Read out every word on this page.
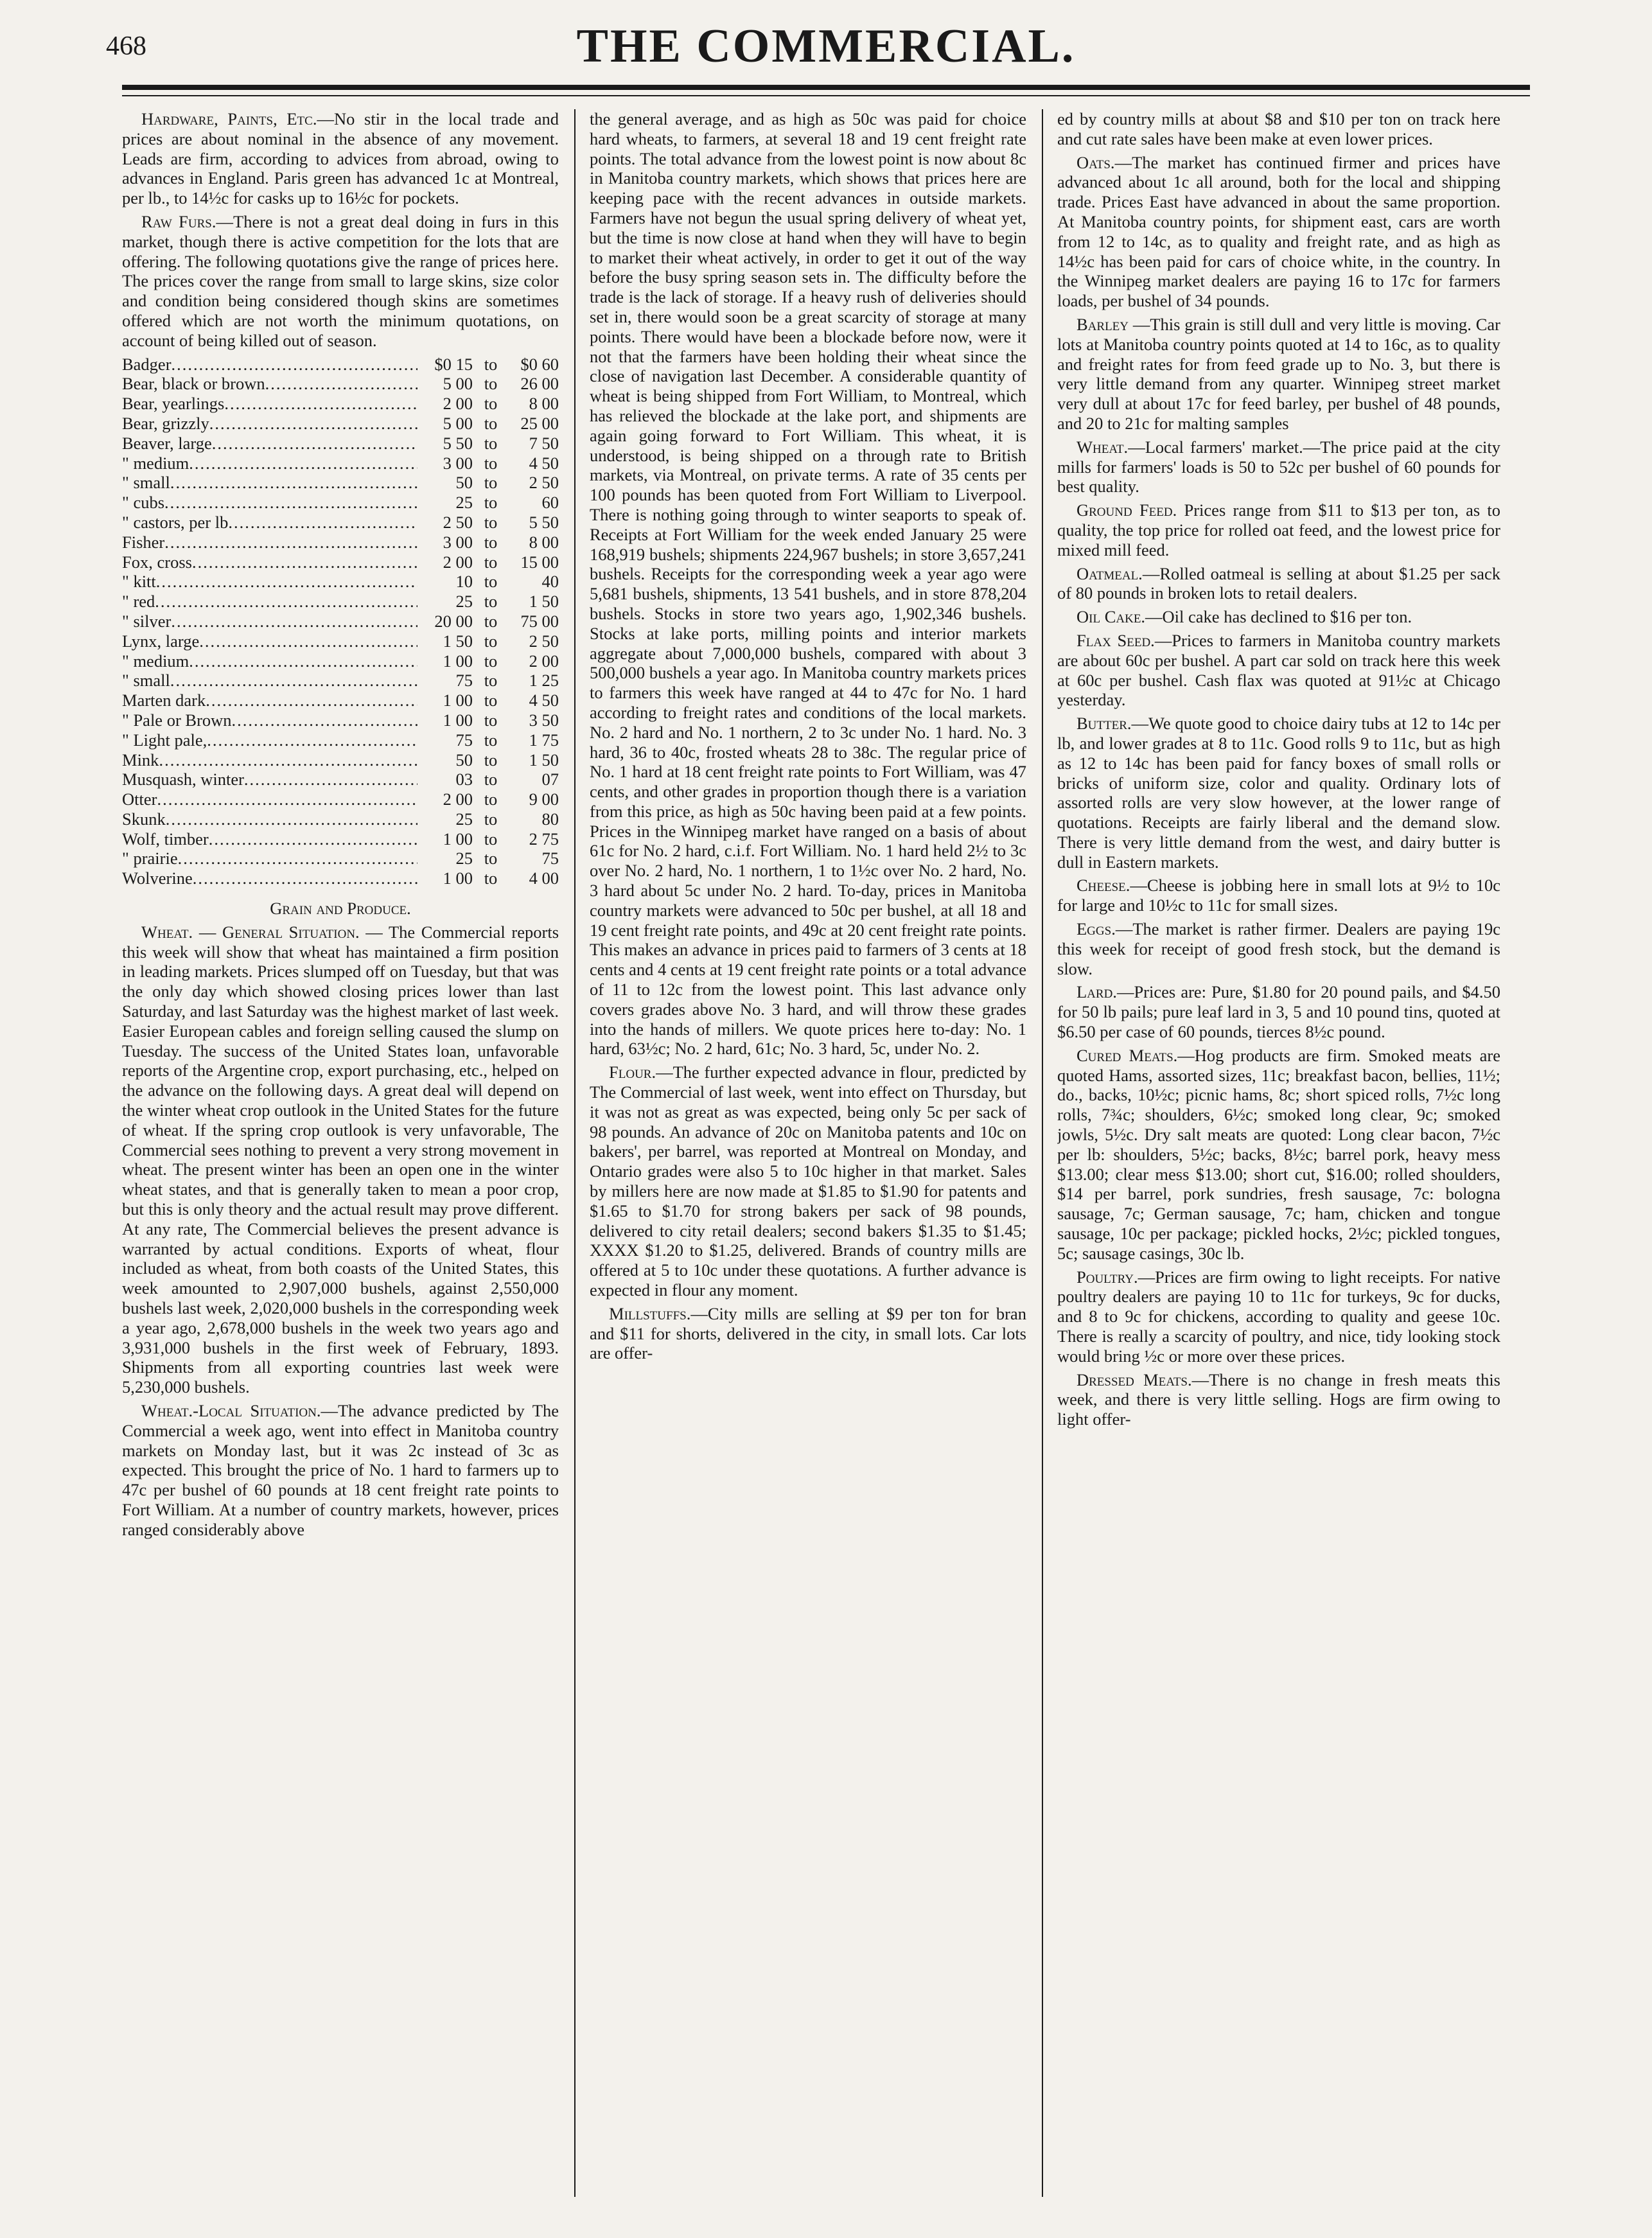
468	THE COMMERCIAL.

Hardware, Paints, Etc.—No stir in the local trade and prices are about nominal in the absence of any movement. Leads are firm, according to advices from abroad, owing to advances in England. Paris green has advanced 1c at Montreal, per lb., to 14½c for casks up to 16½c for pockets.

Raw Furs.—There is not a great deal doing in furs in this market, though there is active competition for the lots that are offering. The following quotations give the range of prices here. The prices cover the range from small to large skins, size color and condition being considered though skins are sometimes offered which are not worth the minimum quotations, on account of being killed out of season.

Badger .....	$0 15 to	$0 60
Bear, black or brown .....	5 00 to	26 00
Bear, yearlings .....	2 00 to	8 00
Bear, grizzly .....	5 00 to	25 00
Beaver, large .....	5 50 to	7 50
" medium .....	3 00 to	4 50
" small .....	50 to	2 50
" cubs .....	25 to	60
" castors, per lb .....	2 50 to	5 50
Fisher .....	3 00 to	8 00
Fox, cross .....	2 00 to	15 00
" kitt .....	10 to	40
" red .....	25 to	1 50
" silver .....	20 00 to	75 00
Lynx, large .....	1 50 to	2 50
" medium .....	1 00 to	2 00
" small .....	75 to	1 25
Marten dark .....	1 00 to	4 50
" Pale or Brown .....	1 00 to	3 50
" Light pale, .....	75 to	1 75
Mink .....	50 to	1 50
Musquash, winter .....	03 to	07
Otter .....	2 00 to	9 00
Skunk .....	25 to	80
Wolf, timber .....	1 00 to	2 75
" prairie .....	25 to	75
Wolverine .....	1 00 to	4 00

Grain and Produce.

Wheat. — General Situation. — The Commercial reports this week will show that wheat has maintained a firm position in leading markets. Prices slumped off on Tuesday, but that was the only day which showed closing prices lower than last Saturday, and last Saturday was the highest market of last week. Easier European cables and foreign selling caused the slump on Tuesday. The success of the United States loan, unfavorable reports of the Argentine crop, export purchasing, etc., helped on the advance on the following days. A great deal will depend on the winter wheat crop outlook in the United States for the future of wheat. If the spring crop outlook is very unfavorable, The Commercial sees nothing to prevent a very strong movement in wheat. The present winter has been an open one in the winter wheat states, and that is generally taken to mean a poor crop, but this is only theory and the actual result may prove different. At any rate, The Commercial believes the present advance is warranted by actual conditions. Exports of wheat, flour included as wheat, from both coasts of the United States, this week amounted to 2,907,000 bushels, against 2,550,000 bushels last week, 2,020,000 bushels in the corresponding week a year ago, 2,678,000 bushels in the week two years ago and 3,931,000 bushels in the first week of February, 1893. Shipments from all exporting countries last week were 5,230,000 bushels.

Wheat.-Local Situation.—The advance predicted by The Commercial a week ago, went into effect in Manitoba country markets on Monday last, but it was 2c instead of 3c as expected. This brought the price of No. 1 hard to farmers up to 47c per bushel of 60 pounds at 18 cent freight rate points to Fort William. At a number of country markets, however, prices ranged considerably above

the general average, and as high as 50c was paid for choice hard wheats, to farmers, at several 18 and 19 cent freight rate points. The total advance from the lowest point is now about 8c in Manitoba country markets, which shows that prices here are keeping pace with the recent advances in outside markets. Farmers have not begun the usual spring delivery of wheat yet, but the time is now close at hand when they will have to begin to market their wheat actively, in order to get it out of the way before the busy spring season sets in. The difficulty before the trade is the lack of storage. If a heavy rush of deliveries should set in, there would soon be a great scarcity of storage at many points. There would have been a blockade before now, were it not that the farmers have been holding their wheat since the close of navigation last December. A considerable quantity of wheat is being shipped from Fort William, to Montreal, which has relieved the blockade at the lake port, and shipments are again going forward to Fort William. This wheat, it is understood, is being shipped on a through rate to British markets, via Montreal, on private terms. A rate of 35 cents per 100 pounds has been quoted from Fort William to Liverpool. There is nothing going through to winter seaports to speak of. Receipts at Fort William for the week ended January 25 were 168,919 bushels; shipments 224,967 bushels; in store 3,657,241 bushels. Receipts for the corresponding week a year ago were 5,681 bushels, shipments, 13 541 bushels, and in store 878,204 bushels. Stocks in store two years ago, 1,902,346 bushels. Stocks at lake ports, milling points and interior markets aggregate about 7,000,000 bushels, compared with about 3 500,000 bushels a year ago. In Manitoba country markets prices to farmers this week have ranged at 44 to 47c for No. 1 hard according to freight rates and conditions of the local markets. No. 2 hard and No. 1 northern, 2 to 3c under No. 1 hard. No. 3 hard, 36 to 40c, frosted wheats 28 to 38c. The regular price of No. 1 hard at 18 cent freight rate points to Fort William, was 47 cents, and other grades in proportion though there is a variation from this price, as high as 50c having been paid at a few points. Prices in the Winnipeg market have ranged on a basis of about 61c for No. 2 hard, c.i.f. Fort William. No. 1 hard held 2½ to 3c over No. 2 hard, No. 1 northern, 1 to 1½c over No. 2 hard, No. 3 hard about 5c under No. 2 hard. To-day, prices in Manitoba country markets were advanced to 50c per bushel, at all 18 and 19 cent freight rate points, and 49c at 20 cent freight rate points. This makes an advance in prices paid to farmers of 3 cents at 18 cents and 4 cents at 19 cent freight rate points or a total advance of 11 to 12c from the lowest point. This last advance only covers grades above No. 3 hard, and will throw these grades into the hands of millers. We quote prices here to-day: No. 1 hard, 63½c; No. 2 hard, 61c; No. 3 hard, 5c, under No. 2.

Flour.—The further expected advance in flour, predicted by The Commercial of last week, went into effect on Thursday, but it was not as great as was expected, being only 5c per sack of 98 pounds. An advance of 20c on Manitoba patents and 10c on bakers', per barrel, was reported at Montreal on Monday, and Ontario grades were also 5 to 10c higher in that market. Sales by millers here are now made at $1.85 to $1.90 for patents and $1.65 to $1.70 for strong bakers per sack of 98 pounds, delivered to city retail dealers; second bakers $1.35 to $1.45; XXXX $1.20 to $1.25, delivered. Brands of country mills are offered at 5 to 10c under these quotations. A further advance is expected in flour any moment.

Millstuffs.—City mills are selling at $9 per ton for bran and $11 for shorts, delivered in the city, in small lots. Car lots are offer-

ed by country mills at about $8 and $10 per ton on track here and cut rate sales have been make at even lower prices.

Oats.—The market has continued firmer and prices have advanced about 1c all around, both for the local and shipping trade. Prices East have advanced in about the same proportion. At Manitoba country points, for shipment east, cars are worth from 12 to 14c, as to quality and freight rate, and as high as 14½c has been paid for cars of choice white, in the country. In the Winnipeg market dealers are paying 16 to 17c for farmers loads, per bushel of 34 pounds.

Barley —This grain is still dull and very little is moving. Car lots at Manitoba country points quoted at 14 to 16c, as to quality and freight rates for from feed grade up to No. 3, but there is very little demand from any quarter. Winnipeg street market very dull at about 17c for feed barley, per bushel of 48 pounds, and 20 to 21c for malting samples

Wheat.—Local farmers' market.—The price paid at the city mills for farmers' loads is 50 to 52c per bushel of 60 pounds for best quality.

Ground Feed. Prices range from $11 to $13 per ton, as to quality, the top price for rolled oat feed, and the lowest price for mixed mill feed.

Oatmeal.—Rolled oatmeal is selling at about $1.25 per sack of 80 pounds in broken lots to retail dealers.

Oil Cake.—Oil cake has declined to $16 per ton.

Flax Seed.—Prices to farmers in Manitoba country markets are about 60c per bushel. A part car sold on track here this week at 60c per bushel. Cash flax was quoted at 91½c at Chicago yesterday.

Butter.—We quote good to choice dairy tubs at 12 to 14c per lb, and lower grades at 8 to 11c. Good rolls 9 to 11c, but as high as 12 to 14c has been paid for fancy boxes of small rolls or bricks of uniform size, color and quality. Ordinary lots of assorted rolls are very slow however, at the lower range of quotations. Receipts are fairly liberal and the demand slow. There is very little demand from the west, and dairy butter is dull in Eastern markets.

Cheese.—Cheese is jobbing here in small lots at 9½ to 10c for large and 10½c to 11c for small sizes.

Eggs.—The market is rather firmer. Dealers are paying 19c this week for receipt of good fresh stock, but the demand is slow.

Lard.—Prices are: Pure, $1.80 for 20 pound pails, and $4.50 for 50 lb pails; pure leaf lard in 3, 5 and 10 pound tins, quoted at $6.50 per case of 60 pounds, tierces 8½c pound.

Cured Meats.—Hog products are firm. Smoked meats are quoted Hams, assorted sizes, 11c; breakfast bacon, bellies, 11½; do., backs, 10½c; picnic hams, 8c; short spiced rolls, 7½c long rolls, 7¾c; shoulders, 6½c; smoked long clear, 9c; smoked jowls, 5½c. Dry salt meats are quoted: Long clear bacon, 7½c per lb: shoulders, 5½c; backs, 8½c; barrel pork, heavy mess $13.00; clear mess $13.00; short cut, $16.00; rolled shoulders, $14 per barrel, pork sundries, fresh sausage, 7c: bologna sausage, 7c; German sausage, 7c; ham, chicken and tongue sausage, 10c per package; pickled hocks, 2½c; pickled tongues, 5c; sausage casings, 30c lb.

Poultry.—Prices are firm owing to light receipts. For native poultry dealers are paying 10 to 11c for turkeys, 9c for ducks, and 8 to 9c for chickens, according to quality and geese 10c. There is really a scarcity of poultry, and nice, tidy looking stock would bring ½c or more over these prices.

Dressed Meats.—There is no change in fresh meats this week, and there is very little selling. Hogs are firm owing to light offer-
